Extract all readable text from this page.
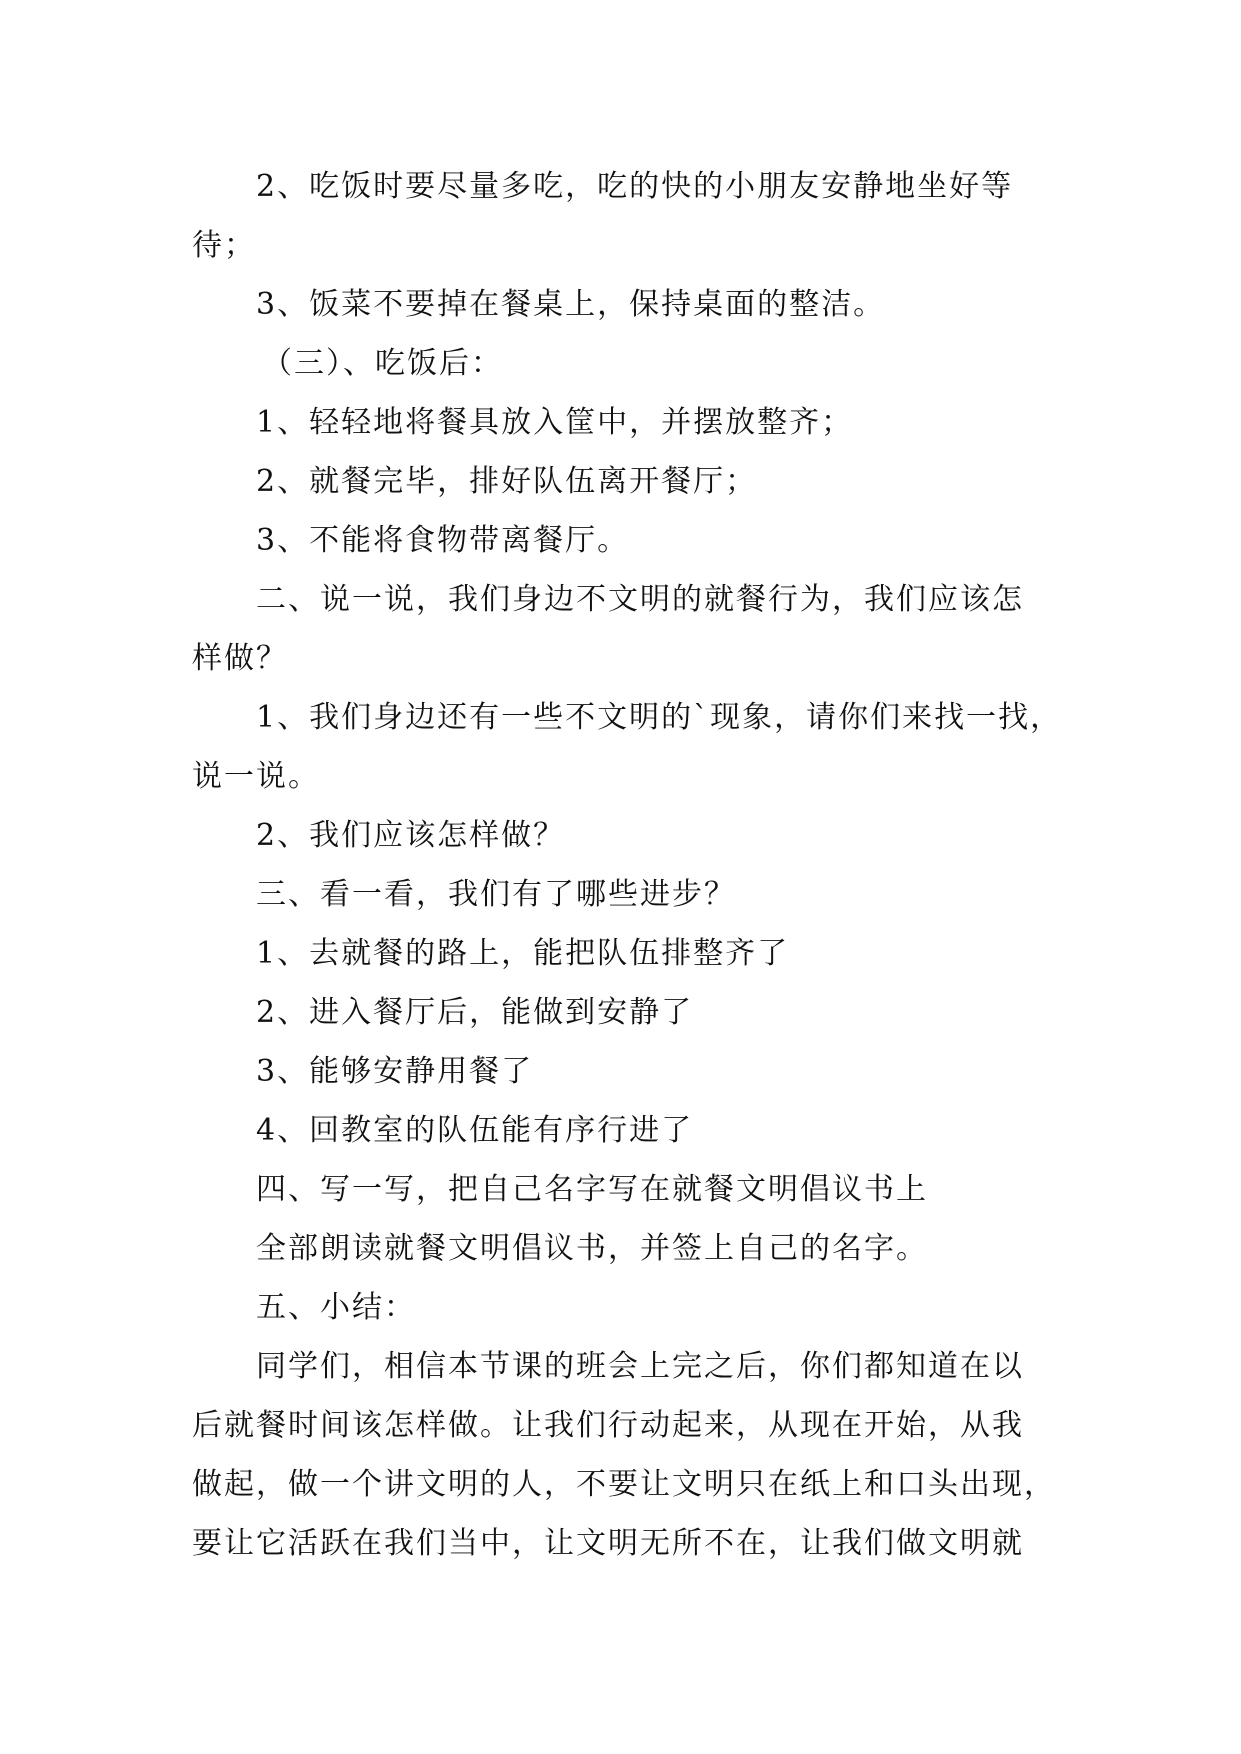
2、吃饭时要尽量多吃，吃的快的小朋友安静地坐好等
待；

3、饭菜不要掉在餐桌上，保持桌面的整洁。

（三）、吃饭后：

1、轻轻地将餐具放入筐中，并摆放整齐；

2、就餐完毕，排好队伍离开餐厅；

3、不能将食物带离餐厅。

二、说一说，我们身边不文明的就餐行为，我们应该怎
样做？

1、我们身边还有一些不文明的`现象，请你们来找一找，
说一说。

2、我们应该怎样做？

三、看一看，我们有了哪些进步？

1、去就餐的路上，能把队伍排整齐了

2、进入餐厅后，能做到安静了

3、能够安静用餐了

4、回教室的队伍能有序行进了

四、写一写，把自己名字写在就餐文明倡议书上

全部朗读就餐文明倡议书，并签上自己的名字。

五、小结：

同学们，相信本节课的班会上完之后，你们都知道在以
后就餐时间该怎样做。让我们行动起来，从现在开始，从我
做起，做一个讲文明的人，不要让文明只在纸上和口头出现，
要让它活跃在我们当中，让文明无所不在，让我们做文明就
